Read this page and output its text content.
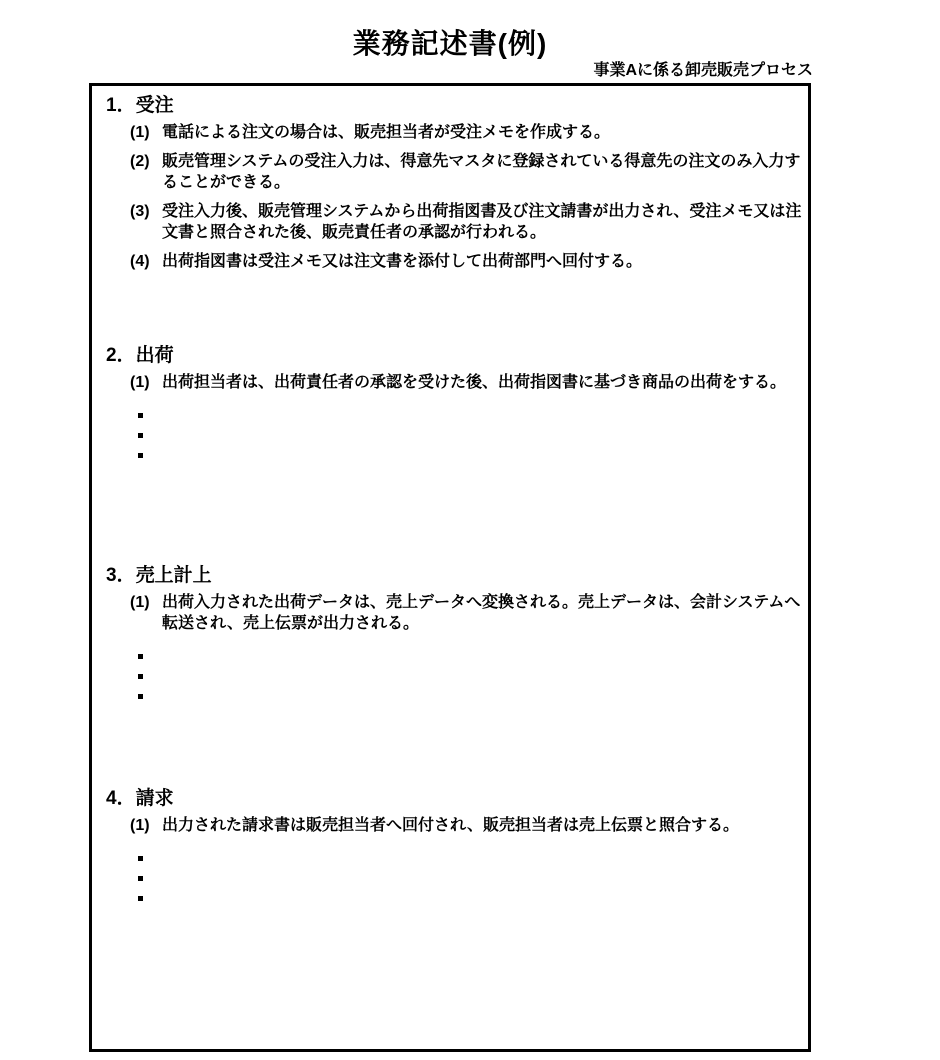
業務記述書(例)
事業Aに係る卸売販売プロセス
1．受注
(1) 電話による注文の場合は、販売担当者が受注メモを作成する。
(2) 販売管理システムの受注入力は、得意先マスタに登録されている得意先の注文のみ入力することができる。
(3) 受注入力後、販売管理システムから出荷指図書及び注文請書が出力され、受注メモ又は注文書と照合された後、販売責任者の承認が行われる。
(4) 出荷指図書は受注メモ又は注文書を添付して出荷部門へ回付する。
2．出荷
(1) 出荷担当者は、出荷責任者の承認を受けた後、出荷指図書に基づき商品の出荷をする。
3．売上計上
(1) 出荷入力された出荷データは、売上データへ変換される。売上データは、会計システムへ転送され、売上伝票が出力される。
4．請求
(1) 出力された請求書は販売担当者へ回付され、販売担当者は売上伝票と照合する。
